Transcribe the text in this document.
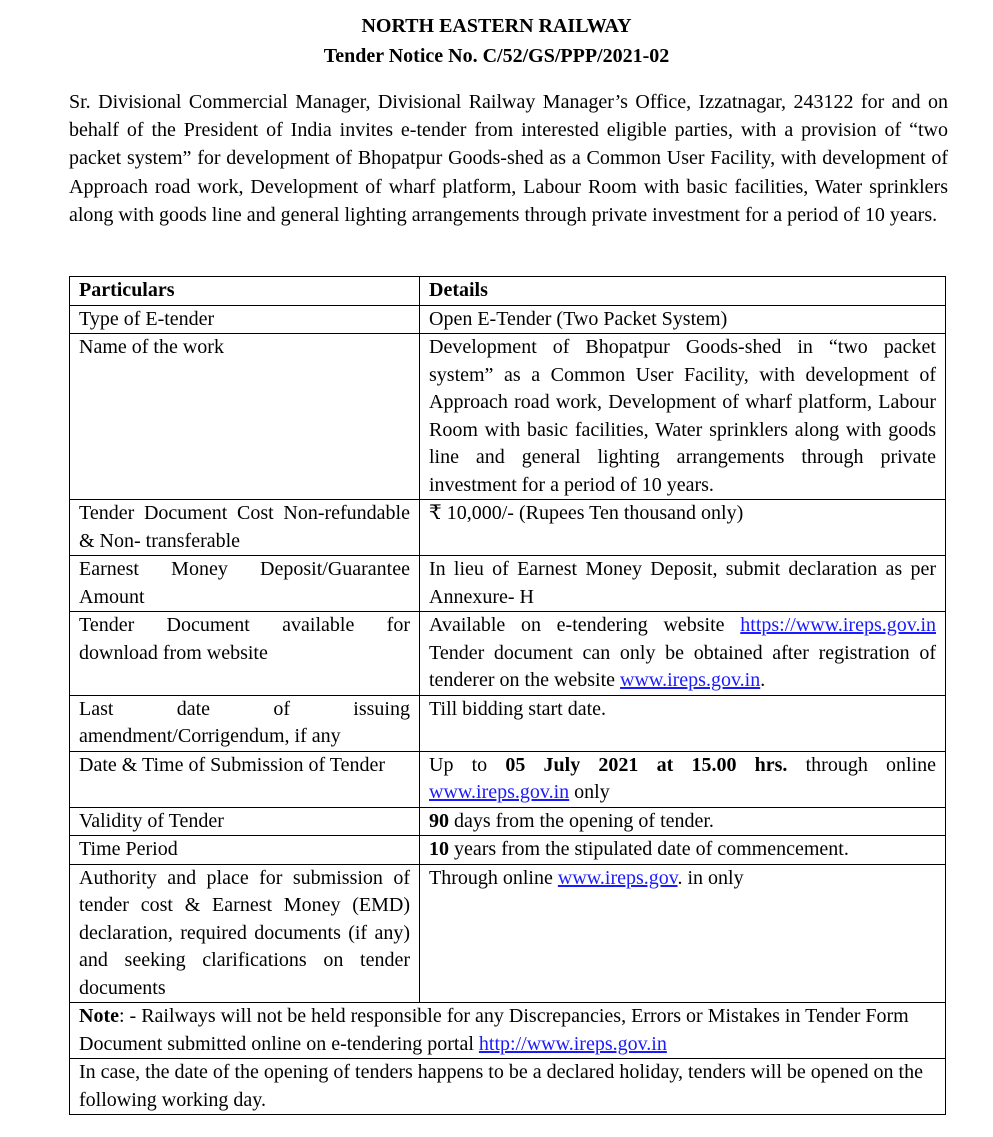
NORTH EASTERN RAILWAY
Tender Notice No. C/52/GS/PPP/2021-02
Sr. Divisional Commercial Manager, Divisional Railway Manager’s Office, Izzatnagar, 243122 for and on behalf of the President of India invites e-tender from interested eligible parties, with a provision of “two packet system” for development of Bhopatpur Goods-shed as a Common User Facility, with development of Approach road work, Development of wharf platform, Labour Room with basic facilities, Water sprinklers along with goods line and general lighting arrangements through private investment for a period of 10 years.
Particulars	Details
Type of E-tender	Open E-Tender (Two Packet System)
Name of the work	Development of Bhopatpur Goods-shed in “two packet system” as a Common User Facility, with development of Approach road work, Development of wharf platform, Labour Room with basic facilities, Water sprinklers along with goods line and general lighting arrangements through private investment for a period of 10 years.
Tender Document Cost Non-refundable & Non- transferable	₹ 10,000/- (Rupees Ten thousand only)
Earnest Money Deposit/Guarantee Amount	In lieu of Earnest Money Deposit, submit declaration as per Annexure- H
Tender Document available for download from website	Available on e-tendering website https://www.ireps.gov.in Tender document can only be obtained after registration of tenderer on the website www.ireps.gov.in.
Last date of issuing amendment/Corrigendum, if any	Till bidding start date.
Date & Time of Submission of Tender	Up to 05 July 2021 at 15.00 hrs. through online www.ireps.gov.in only
Validity of Tender	90 days from the opening of tender.
Time Period	10 years from the stipulated date of commencement.
Authority and place for submission of tender cost & Earnest Money (EMD) declaration, required documents (if any) and seeking clarifications on tender documents	Through online www.ireps.gov. in only
Note: - Railways will not be held responsible for any Discrepancies, Errors or Mistakes in Tender Form Document submitted online on e-tendering portal http://www.ireps.gov.in	
In case, the date of the opening of tenders happens to be a declared holiday, tenders will be opened on the following working day.	
